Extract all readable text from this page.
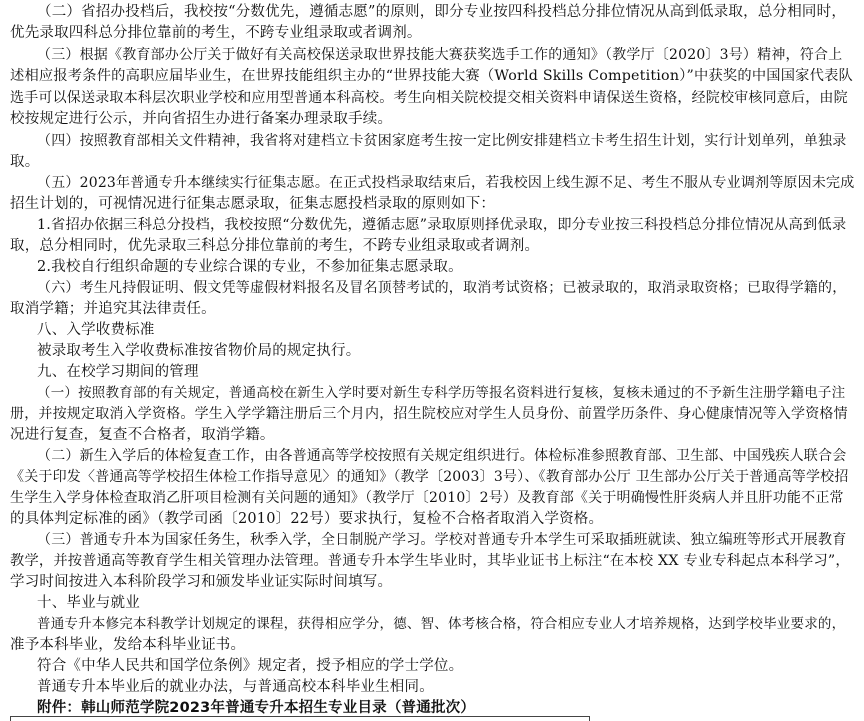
（二）省招办投档后，我校按“分数优先，遵循志愿”的原则，即分专业按四科投档总分排位情况从高到低录取，总分相同时，
优先录取四科总分排位靠前的考生，不跨专业组录取或者调剂。
（三）根据《教育部办公厅关于做好有关高校保送录取世界技能大赛获奖选手工作的通知》（教学厅〔2020〕3号）精神，符合上
述相应报考条件的高职应届毕业生，在世界技能组织主办的“世界技能大赛（World Skills Competition）”中获奖的中国国家代表队
选手可以保送录取本科层次职业学校和应用型普通本科高校。考生向相关院校提交相关资料申请保送生资格，经院校审核同意后，由院
校按规定进行公示，并向省招生办进行备案办理录取手续。
（四）按照教育部相关文件精神，我省将对建档立卡贫困家庭考生按一定比例安排建档立卡考生招生计划，实行计划单列，单独录
取。
（五）2023年普通专升本继续实行征集志愿。在正式投档录取结束后，若我校因上线生源不足、考生不服从专业调剂等原因未完成
招生计划的，可视情况进行征集志愿录取，征集志愿投档录取的原则如下：
1.省招办依据三科总分投档，我校按照“分数优先，遵循志愿”录取原则择优录取，即分专业按三科投档总分排位情况从高到低录
取，总分相同时，优先录取三科总分排位靠前的考生，不跨专业组录取或者调剂。
2.我校自行组织命题的专业综合课的专业，不参加征集志愿录取。
（六）考生凡持假证明、假文凭等虚假材料报名及冒名顶替考试的，取消考试资格；已被录取的，取消录取资格；已取得学籍的，
取消学籍；并追究其法律责任。
八、入学收费标准
被录取考生入学收费标准按省物价局的规定执行。
九、在校学习期间的管理
（一）按照教育部的有关规定，普通高校在新生入学时要对新生专科学历等报名资料进行复核，复核未通过的不予新生注册学籍电子注
册，并按规定取消入学资格。学生入学学籍注册后三个月内，招生院校应对学生人员身份、前置学历条件、身心健康情况等入学资格情
况进行复查，复查不合格者，取消学籍。
（二）新生入学后的体检复查工作，由各普通高等学校按照有关规定组织进行。体检标准参照教育部、卫生部、中国残疾人联合会
《关于印发〈普通高等学校招生体检工作指导意见〉的通知》（教学〔2003〕3号）、《教育部办公厅 卫生部办公厅关于普通高等学校招
生学生入学身体检查取消乙肝项目检测有关问题的通知》（教学厅〔2010〕2号）及教育部《关于明确慢性肝炎病人并且肝功能不正常
的具体判定标准的函》（教学司函〔2010〕22号）要求执行，复检不合格者取消入学资格。
（三）普通专升本为国家任务生，秋季入学，全日制脱产学习。学校对普通专升本学生可采取插班就读、独立编班等形式开展教育
教学，并按普通高等教育学生相关管理办法管理。普通专升本学生毕业时，其毕业证书上标注“在本校 XX 专业专科起点本科学习”，
学习时间按进入本科阶段学习和颁发毕业证实际时间填写。
十、毕业与就业
普通专升本修完本科教学计划规定的课程，获得相应学分，德、智、体考核合格，符合相应专业人才培养规格，达到学校毕业要求的，
准予本科毕业，发给本科毕业证书。
符合《中华人民共和国学位条例》规定者，授予相应的学士学位。
普通专升本毕业后的就业办法，与普通高校本科毕业生相同。
附件：韩山师范学院2023年普通专升本招生专业目录（普通批次）
